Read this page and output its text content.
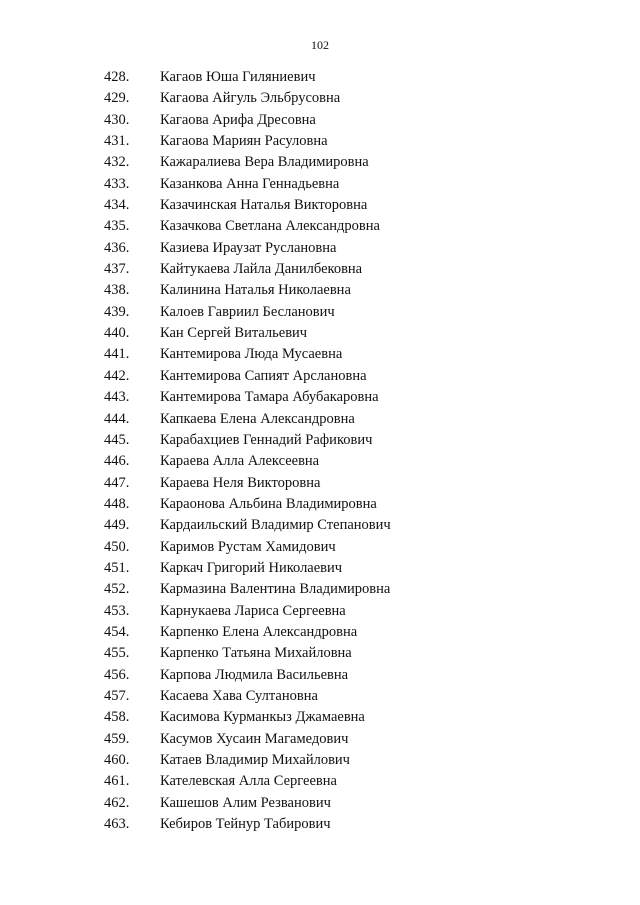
102
428. Кагаов Юша Гиляниевич
429. Кагаова Айгуль Эльбрусовна
430. Кагаова Арифа Дресовна
431. Кагаова Мариян Расуловна
432. Кажаралиева Вера Владимировна
433. Казанкова Анна Геннадьевна
434. Казачинская Наталья Викторовна
435. Казачкова Светлана Александровна
436. Казиева Ираузат Руслановна
437. Кайтукаева Лайла Данилбековна
438. Калинина Наталья Николаевна
439. Калоев Гавриил Бесланович
440. Кан Сергей Витальевич
441. Кантемирова Люда Мусаевна
442. Кантемирова Сапият Арслановна
443. Кантемирова Тамара Абубакаровна
444. Капкаева Елена Александровна
445. Карабахциев Геннадий Рафикович
446. Караева Алла Алексеевна
447. Караева Неля Викторовна
448. Караонова Альбина Владимировна
449. Кардаильский Владимир Степанович
450. Каримов Рустам Хамидович
451. Каркач Григорий Николаевич
452. Кармазина Валентина Владимировна
453. Карнукаева Лариса Сергеевна
454. Карпенко Елена Александровна
455. Карпенко Татьяна Михайловна
456. Карпова Людмила Васильевна
457. Касаева Хава Султановна
458. Касимова Курманкыз Джамаевна
459. Касумов Хусаин Магамедович
460. Катаев Владимир Михайлович
461. Кателевская Алла Сергеевна
462. Кашешов Алим Резванович
463. Кебиров Тейнур Табирович
